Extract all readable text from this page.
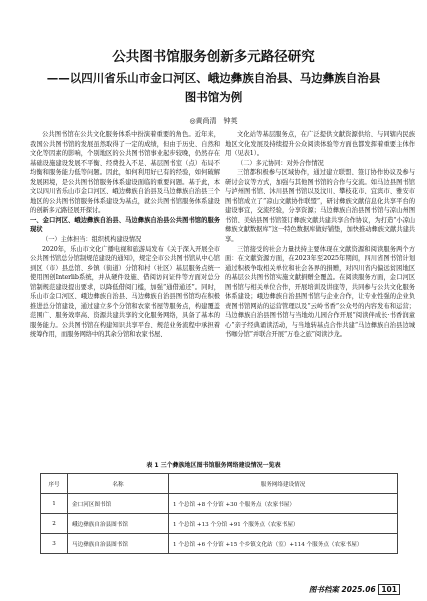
公共图书馆服务创新多元路径研究
——以四川省乐山市金口河区、峨边彝族自治县、马边彝族自治县
图书馆为例
◎黄尚清　钟英

公共图书馆在公共文化服务体系中扮演着重要的角色。近年来，我国公共图书馆的发展虽然取得了一定的成绩，但由于历史、自然和文化等因素的影响，个别地区的公共图书馆事业起步较晚，仍然存在基础设施建设发展不平衡、经费投入不足、基层图书室（点）布局不均衡和服务能力低等问题。因此，如何利用好已有的经验，如何破解发展困境，是公共图书馆服务体系建设面临的重要问题。基于此，本文以四川省乐山市金口河区、峨边彝族自治县及马边彝族自治县三个地区的公共图书馆服务体系建设为基点，就公共图书馆服务体系建设的创新多元路径展开探讨。

一、金口河区、峨边彝族自治县、马边彝族自治县公共图书馆的服务现状

（一）主体担当：组织机构建设情况

2020年，乐山市文化广播电视和旅游局发布《关于深入开展全市公共图书馆总分馆制规范建设的通知》，规定全市公共图书馆从中心馆到区（市）县总馆、乡镇（街道）分馆和村（社区）基层服务点统一使用图创Interlib系统，并从硬件设施、借阅访问证件等方面对总分馆制规范建设提出要求，以降低借阅门槛，加强“通借通还”。同时，乐山市金口河区、峨边彝族自治县、马边彝族自治县图书馆均在积极推进总分馆建设，通过建立多个分馆和农家书屋等服务点，构建覆盖范围广、服务效率高、资源共建共享的文化服务网络，具备了基本的服务能力。公共图书馆在构建知识共享平台、规范业务流程中承担着统筹作用，而服务网络中的其余分馆和农家书屋、

文化站等基层服务点，在广泛提供文献资源供给、与同辖内民族地区文化发展及持续提升公众阅读体验等方面也都发挥着重要主体作用（见表1）。

（二）多元协同：对外合作情况

三馆都积极参与区域协作，通过建立联盟、签订协作协议及参与研讨会议等方式，加强与其他图书馆的合作与交流。如马边县图书馆与泸州图书馆、沐川县图书馆以及汶川、攀枝花市、宜宾市、雅安市图书馆成立了“凉山文献协作联盟”，研讨彝族文献信息化共享平台的建设事宜，交流经验，分享资源；马边彝族自治县图书馆与凉山州图书馆、美姑县图书馆签订彝族文献共建共享合作协议，为打造“小凉山彝族文献数据库”这一特色数据库做好铺垫，加快推动彝族文献共建共享。

三馆接受的社会力量扶持主要体现在文献资源和阅读服务两个方面：在文献资源方面，在2023年至2025年期间，四川省图书馆计划通过积极争取相关单位和社会各界的捐赠，对四川省内偏远贫困地区的基层公共图书馆实施文献捐赠全覆盖。在阅读服务方面，金口河区图书馆与相关单位合作，开展培训及讲座等，共同参与公共文化服务体系建设；峨边彝族自治县图书馆与企业合作，让专业性强的企业负责图书馆网站的运营管理以及“云岭书香”公众号的内容发布和运营；马边彝族自治县图书馆与当地幼儿园合作开展“阅读伴成长·书香润童心”亲子经典诵读活动，与当地转基点合作共建“马边彝族自治县边城书咖分馆”并联合开展“万卷之旅”阅读沙龙。

表 1 三个彝族地区图书馆服务网络建设情况一览表
序号	名称	服务网络建设情况
1	金口河区图书馆	1 个总馆 +8 个分馆 +30 个服务点（农家书屋）
2	峨边彝族自治县图书馆	1 个总馆 +13 个分馆 +91 个服务点（农家书屋）
3	马边彝族自治县图书馆	1 个总馆 +6 个分馆 +15 个乡镇文化站（室）+114 个服务点（农家书屋）
图书档案 2025.06 101
